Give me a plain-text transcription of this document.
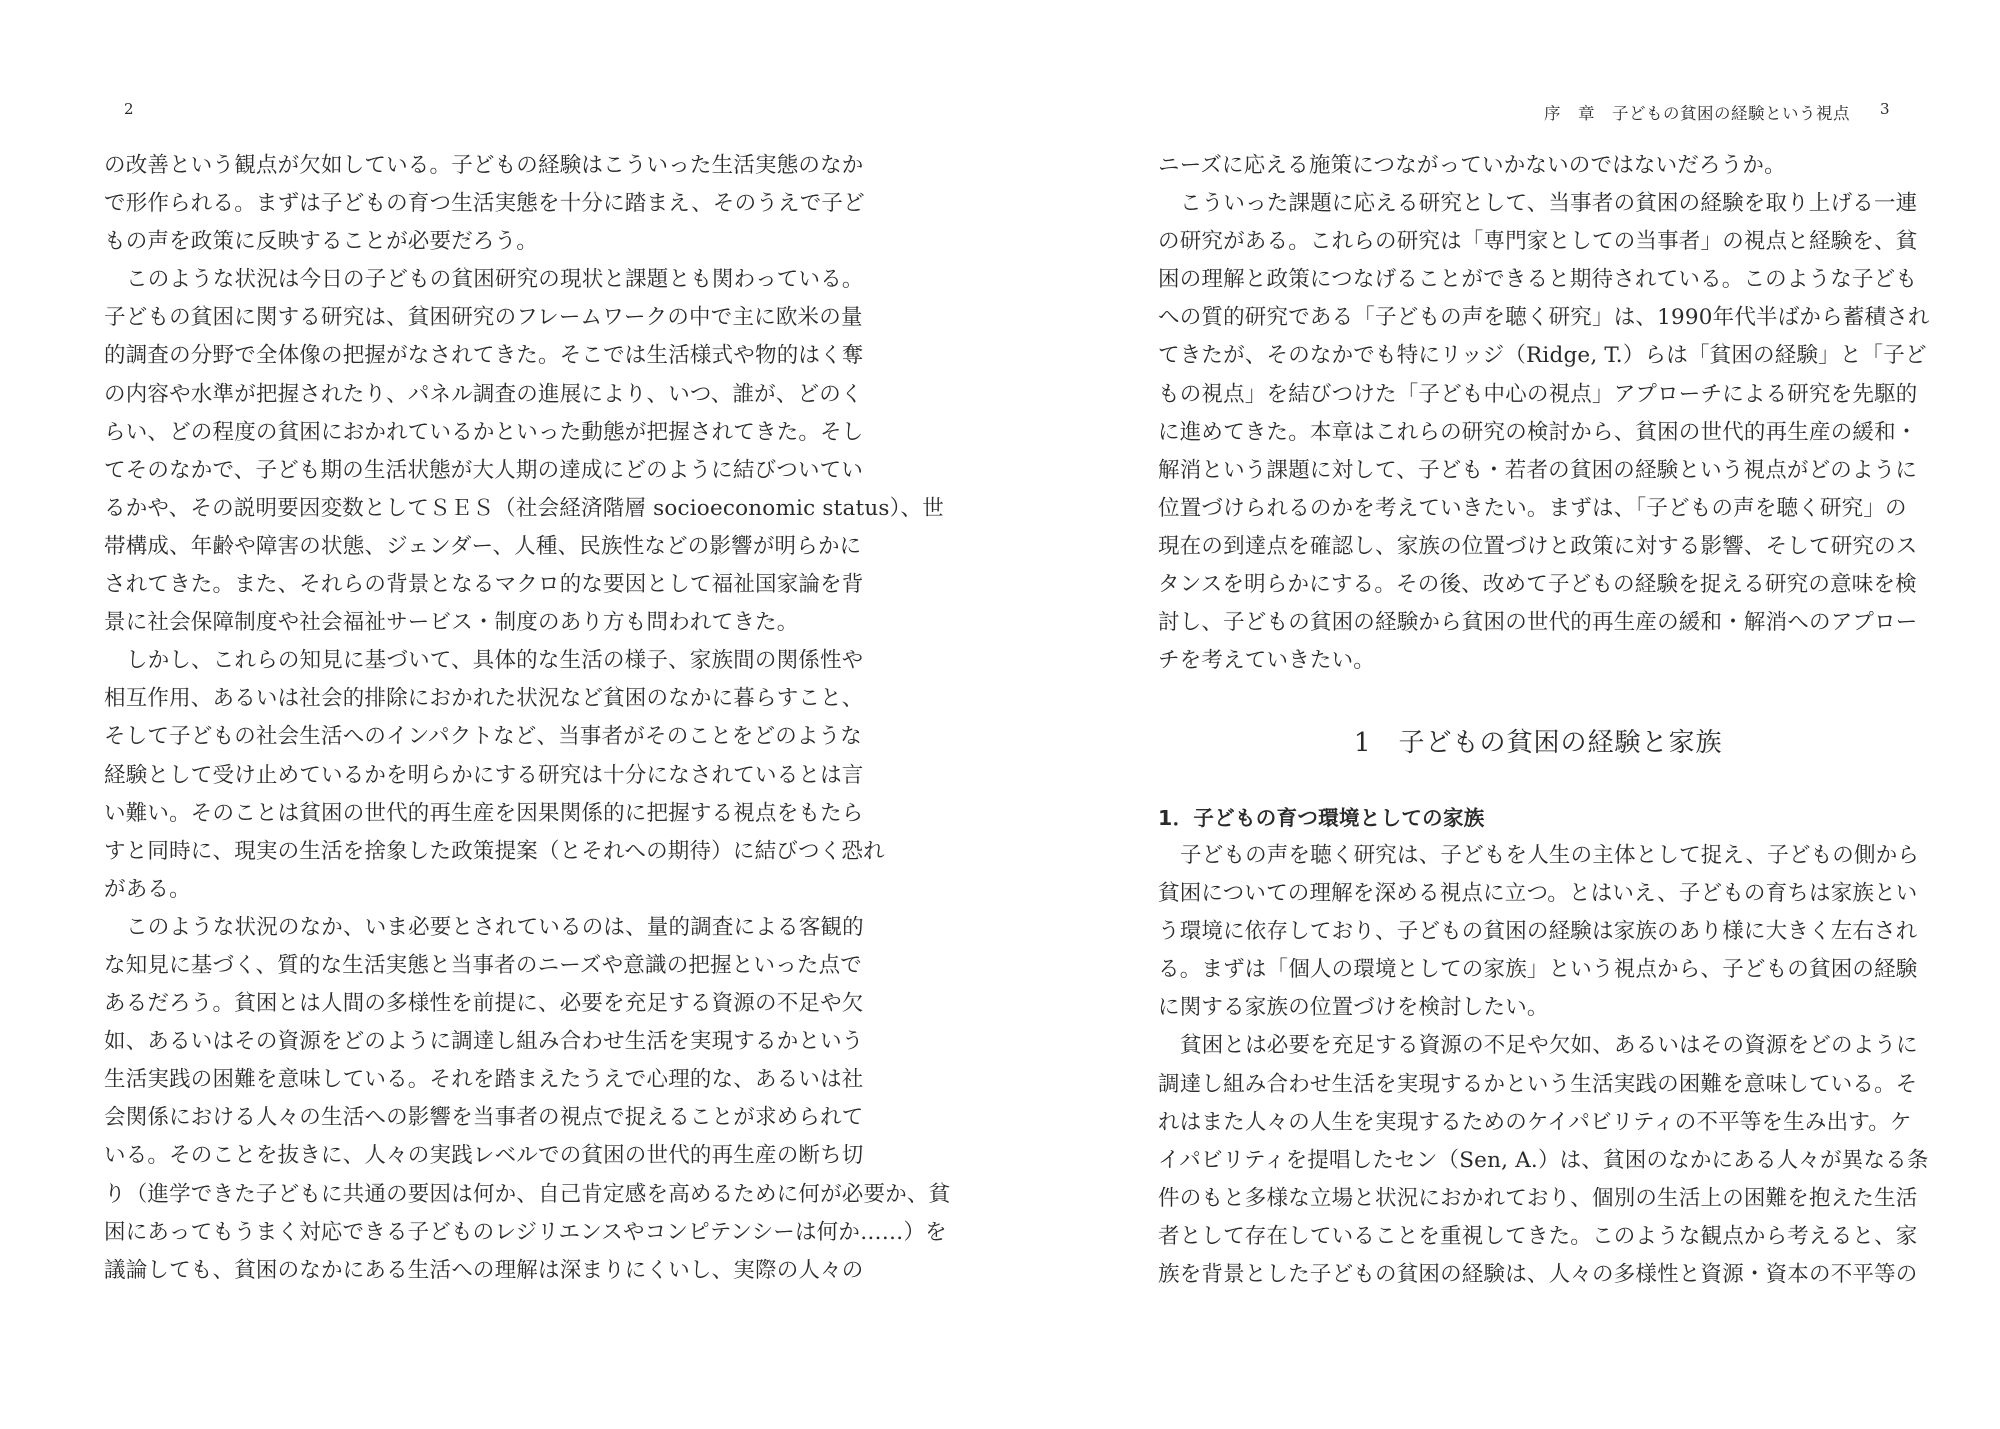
2
の改善という観点が欠如している。子どもの経験はこういった生活実態のなか
で形作られる。まずは子どもの育つ生活実態を十分に踏まえ、そのうえで子ど
もの声を政策に反映することが必要だろう。
このような状況は今日の子どもの貧困研究の現状と課題とも関わっている。
子どもの貧困に関する研究は、貧困研究のフレームワークの中で主に欧米の量
的調査の分野で全体像の把握がなされてきた。そこでは生活様式や物的はく奪
の内容や水準が把握されたり、パネル調査の進展により、いつ、誰が、どのく
らい、どの程度の貧困におかれているかといった動態が把握されてきた。そし
てそのなかで、子ども期の生活状態が大人期の達成にどのように結びついてい
るかや、その説明要因変数としてＳＥＳ（社会経済階層 socioeconomic status）、世
帯構成、年齢や障害の状態、ジェンダー、人種、民族性などの影響が明らかに
されてきた。また、それらの背景となるマクロ的な要因として福祉国家論を背
景に社会保障制度や社会福祉サービス・制度のあり方も問われてきた。
しかし、これらの知見に基づいて、具体的な生活の様子、家族間の関係性や
相互作用、あるいは社会的排除におかれた状況など貧困のなかに暮らすこと、
そして子どもの社会生活へのインパクトなど、当事者がそのことをどのような
経験として受け止めているかを明らかにする研究は十分になされているとは言
い難い。そのことは貧困の世代的再生産を因果関係的に把握する視点をもたら
すと同時に、現実の生活を捨象した政策提案（とそれへの期待）に結びつく恐れ
がある。
このような状況のなか、いま必要とされているのは、量的調査による客観的
な知見に基づく、質的な生活実態と当事者のニーズや意識の把握といった点で
あるだろう。貧困とは人間の多様性を前提に、必要を充足する資源の不足や欠
如、あるいはその資源をどのように調達し組み合わせ生活を実現するかという
生活実践の困難を意味している。それを踏まえたうえで心理的な、あるいは社
会関係における人々の生活への影響を当事者の視点で捉えることが求められて
いる。そのことを抜きに、人々の実践レベルでの貧困の世代的再生産の断ち切
り（進学できた子どもに共通の要因は何か、自己肯定感を高めるために何が必要か、貧
困にあってもうまく対応できる子どものレジリエンスやコンピテンシーは何か……）を
議論しても、貧困のなかにある生活への理解は深まりにくいし、実際の人々の
序　章　子どもの貧困の経験という視点 3
ニーズに応える施策につながっていかないのではないだろうか。
こういった課題に応える研究として、当事者の貧困の経験を取り上げる一連
の研究がある。これらの研究は「専門家としての当事者」の視点と経験を、貧
困の理解と政策につなげることができると期待されている。このような子ども
への質的研究である「子どもの声を聴く研究」は、1990年代半ばから蓄積され
てきたが、そのなかでも特にリッジ（Ridge, T.）らは「貧困の経験」と「子ど
もの視点」を結びつけた「子ども中心の視点」アプローチによる研究を先駆的
に進めてきた。本章はこれらの研究の検討から、貧困の世代的再生産の緩和・
解消という課題に対して、子ども・若者の貧困の経験という視点がどのように
位置づけられるのかを考えていきたい。まずは、「子どもの声を聴く研究」の
現在の到達点を確認し、家族の位置づけと政策に対する影響、そして研究のス
タンスを明らかにする。その後、改めて子どもの経験を捉える研究の意味を検
討し、子どもの貧困の経験から貧困の世代的再生産の緩和・解消へのアプロー
チを考えていきたい。
1　子どもの貧困の経験と家族
1．子どもの育つ環境としての家族
子どもの声を聴く研究は、子どもを人生の主体として捉え、子どもの側から
貧困についての理解を深める視点に立つ。とはいえ、子どもの育ちは家族とい
う環境に依存しており、子どもの貧困の経験は家族のあり様に大きく左右され
る。まずは「個人の環境としての家族」という視点から、子どもの貧困の経験
に関する家族の位置づけを検討したい。
貧困とは必要を充足する資源の不足や欠如、あるいはその資源をどのように
調達し組み合わせ生活を実現するかという生活実践の困難を意味している。そ
れはまた人々の人生を実現するためのケイパビリティの不平等を生み出す。ケ
イパビリティを提唱したセン（Sen, A.）は、貧困のなかにある人々が異なる条
件のもと多様な立場と状況におかれており、個別の生活上の困難を抱えた生活
者として存在していることを重視してきた。このような観点から考えると、家
族を背景とした子どもの貧困の経験は、人々の多様性と資源・資本の不平等の
